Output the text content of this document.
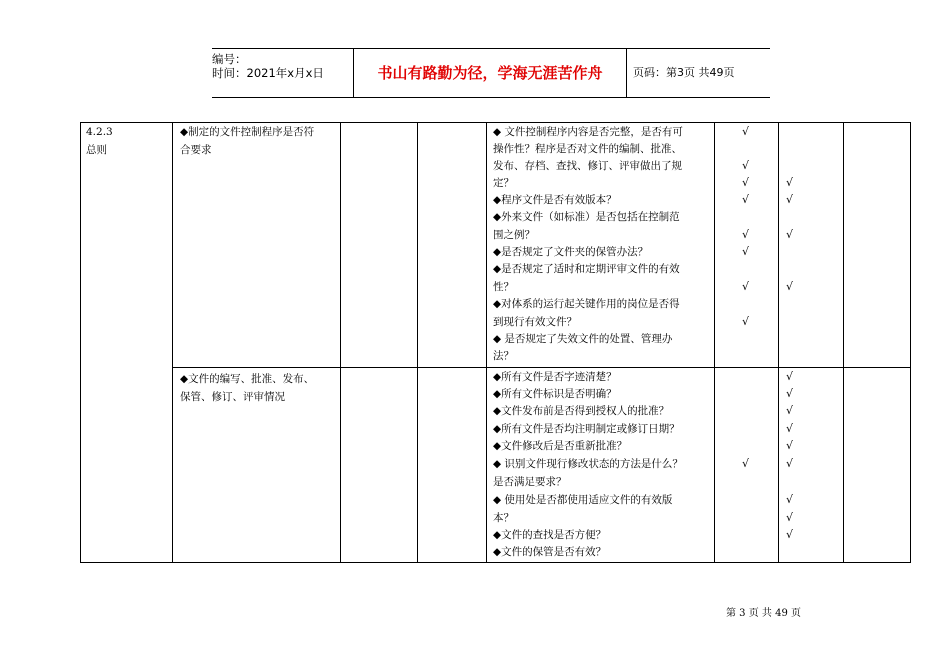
编号：
时间：2021年x月x日	书山有路勤为径，学海无涯苦作舟	页码：第3页 共49页
4.2.3
总则
◆制定的文件控制程序是否符
合要求
◆ 文件控制程序内容是否完整，是否有可
操作性？程序是否对文件的编制、批准、
发布、存档、查找、修订、评审做出了规
定？
◆程序文件是否有效版本？
◆外来文件（如标准）是否包括在控制范
围之例？
◆是否规定了文件夹的保管办法？
◆是否规定了适时和定期评审文件的有效
性？
◆对体系的运行起关键作用的岗位是否得
到现行有效文件？
◆ 是否规定了失效文件的处置、管理办
法？
√
√
√
√
√
√
√
√
√
√
√
√
◆文件的编写、批准、发布、
保管、修订、评审情况
◆所有文件是否字迹清楚？
◆所有文件标识是否明确？
◆文件发布前是否得到授权人的批准？
◆所有文件是否均注明制定或修订日期？
◆文件修改后是否重新批准？
◆ 识别文件现行修改状态的方法是什么？
是否满足要求？
◆ 使用处是否都使用适应文件的有效版
本？
◆文件的查找是否方便？
◆文件的保管是否有效？
√
√
√
√
√
√
√
√
√
√
第 3 页 共 49 页
